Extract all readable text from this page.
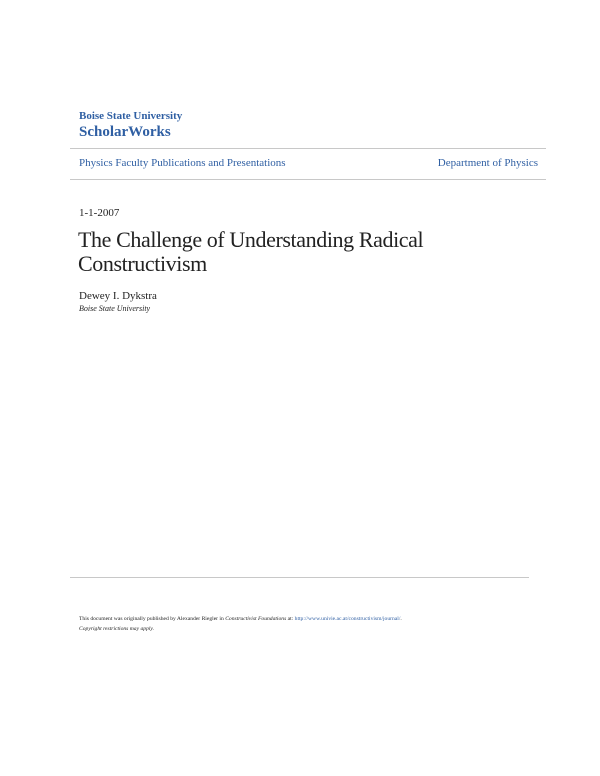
Boise State University
ScholarWorks
Physics Faculty Publications and Presentations	Department of Physics
1-1-2007
The Challenge of Understanding Radical Constructivism
Dewey I. Dykstra
Boise State University
This document was originally published by Alexander Riegler in Constructivist Foundations at: http://www.univie.ac.at/constructivism/journal/.
Copyright restrictions may apply.
